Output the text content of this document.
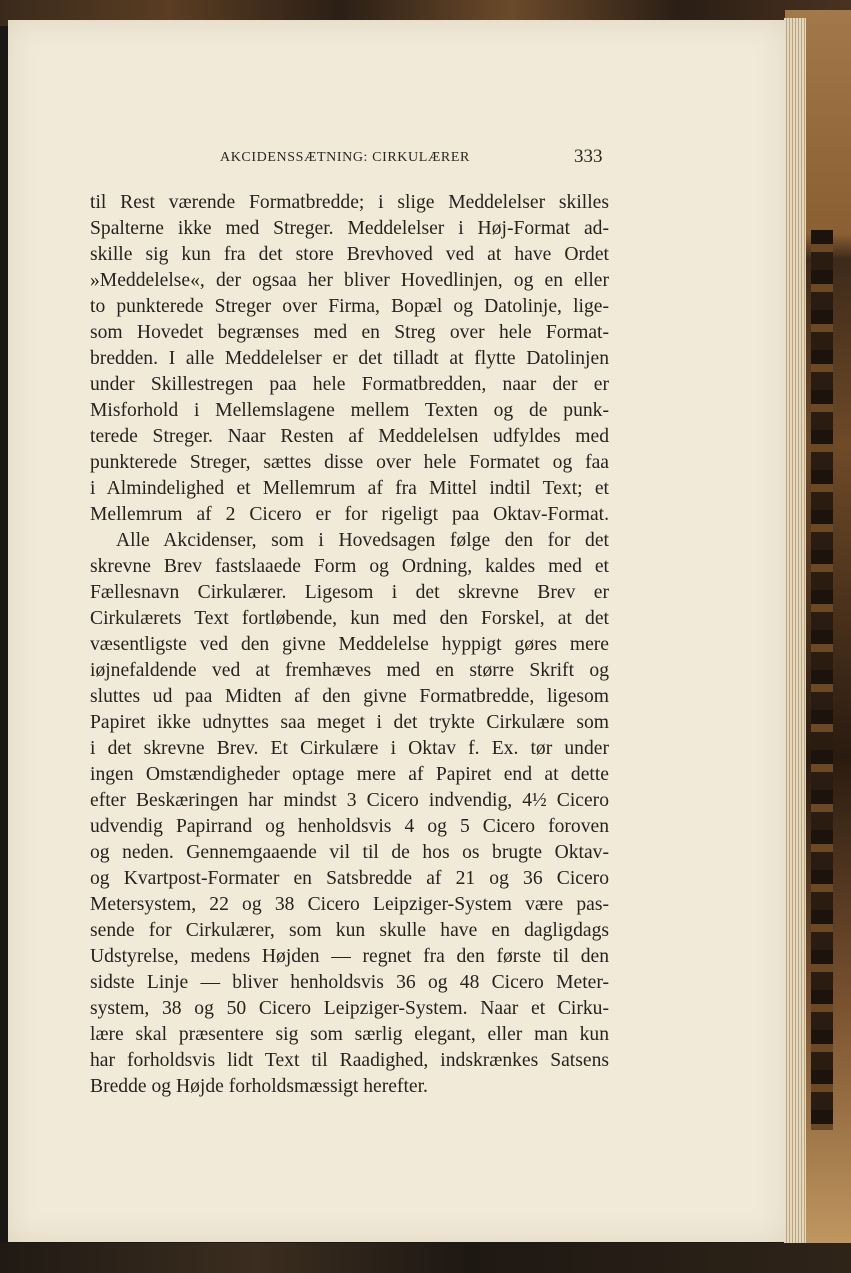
AKCIDENSSÆTNING: CIRKULÆRER	333
til Rest værende Formatbredde; i slige Meddelelser skilles
Spalterne ikke med Streger. Meddelelser i Høj-Format ad-
skille sig kun fra det store Brevhoved ved at have Ordet
»Meddelelse«, der ogsaa her bliver Hovedlinjen, og en eller
to punkterede Streger over Firma, Bopæl og Datolinje, lige-
som Hovedet begrænses med en Streg over hele Format-
bredden. I alle Meddelelser er det tilladt at flytte Datolinjen
under Skillestregen paa hele Formatbredden, naar der er
Misforhold i Mellemslagene mellem Texten og de punk-
terede Streger. Naar Resten af Meddelelsen udfyldes med
punkterede Streger, sættes disse over hele Formatet og faa
i Almindelighed et Mellemrum af fra Mittel indtil Text; et
Mellemrum af 2 Cicero er for rigeligt paa Oktav-Format.
Alle Akcidenser, som i Hovedsagen følge den for det
skrevne Brev fastslaaede Form og Ordning, kaldes med et
Fællesnavn Cirkulærer. Ligesom i det skrevne Brev er
Cirkulærets Text fortløbende, kun med den Forskel, at det
væsentligste ved den givne Meddelelse hyppigt gøres mere
iøjnefaldende ved at fremhæves med en større Skrift og
sluttes ud paa Midten af den givne Formatbredde, ligesom
Papiret ikke udnyttes saa meget i det trykte Cirkulære som
i det skrevne Brev. Et Cirkulære i Oktav f. Ex. tør under
ingen Omstændigheder optage mere af Papiret end at dette
efter Beskæringen har mindst 3 Cicero indvendig, 4½ Cicero
udvendig Papirrand og henholdsvis 4 og 5 Cicero foroven
og neden. Gennemgaaende vil til de hos os brugte Oktav-
og Kvartpost-Formater en Satsbredde af 21 og 36 Cicero
Metersystem, 22 og 38 Cicero Leipziger-System være pas-
sende for Cirkulærer, som kun skulle have en dagligdags
Udstyrelse, medens Højden — regnet fra den første til den
sidste Linje — bliver henholdsvis 36 og 48 Cicero Meter-
system, 38 og 50 Cicero Leipziger-System. Naar et Cirku-
lære skal præsentere sig som særlig elegant, eller man kun
har forholdsvis lidt Text til Raadighed, indskrænkes Satsens
Bredde og Højde forholdsmæssigt herefter.
